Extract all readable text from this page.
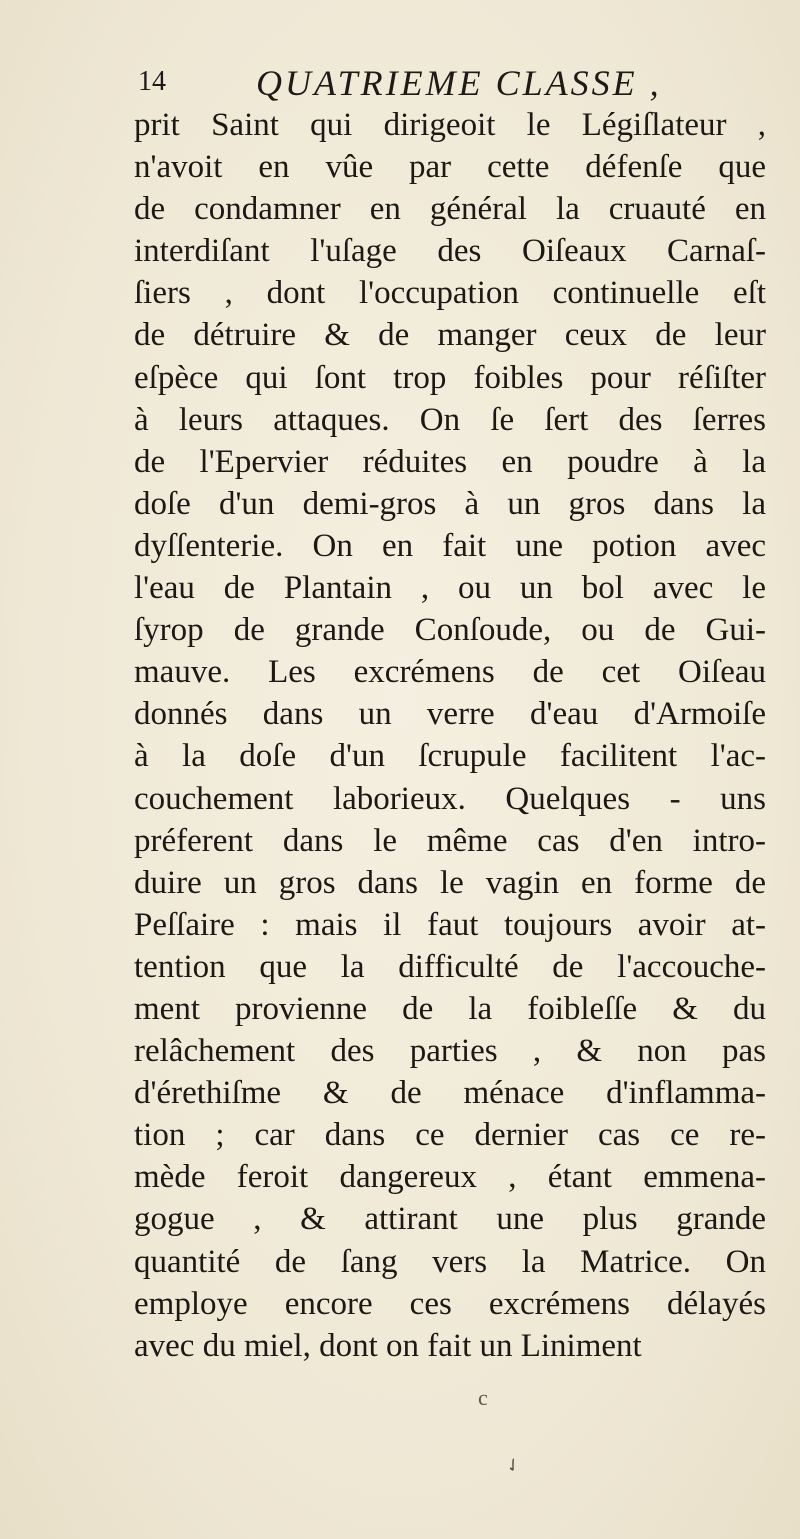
14	QUATRIEME CLASSE ,
prit Saint qui dirigeoit le Légiſlateur ,
n'avoit en vûe par cette défenſe que
de condamner en général la cruauté en
interdiſant l'uſage des Oiſeaux Carnaſ-
ſiers , dont l'occupation continuelle eſt
de détruire & de manger ceux de leur
eſpèce qui ſont trop foibles pour réſiſter
à leurs attaques. On ſe ſert des ſerres
de l'Epervier réduites en poudre à la
doſe d'un demi-gros à un gros dans la
dyſſenterie. On en fait une potion avec
l'eau de Plantain , ou un bol avec le
ſyrop de grande Conſoude, ou de Gui-
mauve. Les excrémens de cet Oiſeau
donnés dans un verre d'eau d'Armoiſe
à la doſe d'un ſcrupule facilitent l'ac-
couchement laborieux. Quelques - uns
préferent dans le même cas d'en intro-
duire un gros dans le vagin en forme de
Peſſaire : mais il faut toujours avoir at-
tention que la difficulté de l'accouche-
ment provienne de la foibleſſe & du
relâchement des parties , & non pas
d'érethiſme & de ménace d'inflamma-
tion ; car dans ce dernier cas ce re-
mède feroit dangereux , étant emmena-
gogue , & attirant une plus grande
quantité de ſang vers la Matrice. On
employe encore ces excrémens délayés
avec du miel, dont on fait un Liniment
c
✓
